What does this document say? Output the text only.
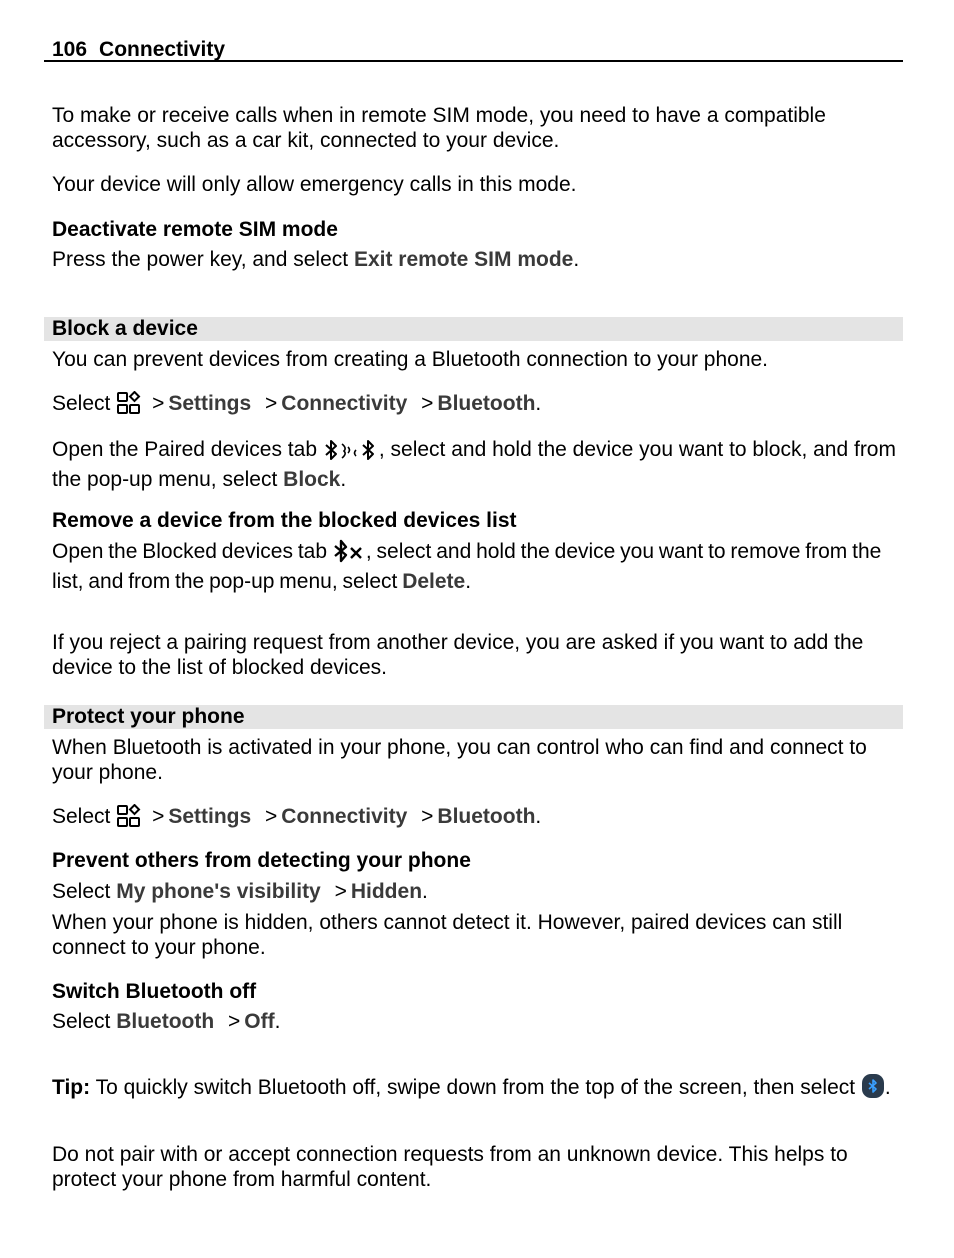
106 Connectivity
To make or receive calls when in remote SIM mode, you need to have a compatible accessory, such as a car kit, connected to your device.
Your device will only allow emergency calls in this mode.
Deactivate remote SIM mode
Press the power key, and select Exit remote SIM mode.
Block a device
You can prevent devices from creating a Bluetooth connection to your phone.
Select > Settings > Connectivity > Bluetooth.
Open the Paired devices tab	, select and hold the device you want to block, and from the pop-up menu, select Block.
Remove a device from the blocked devices list
Open the Blocked devices tab , select and hold the device you want to remove from the list, and from the pop-up menu, select Delete.
If you reject a pairing request from another device, you are asked if you want to add the device to the list of blocked devices.
Protect your phone
When Bluetooth is activated in your phone, you can control who can find and connect to your phone.
Select > Settings > Connectivity > Bluetooth.
Prevent others from detecting your phone
Select My phone's visibility > Hidden.
When your phone is hidden, others cannot detect it. However, paired devices can still connect to your phone.
Switch Bluetooth off
Select Bluetooth > Off.
Tip: To quickly switch Bluetooth off, swipe down from the top of the screen, then select .
Do not pair with or accept connection requests from an unknown device. This helps to protect your phone from harmful content.
